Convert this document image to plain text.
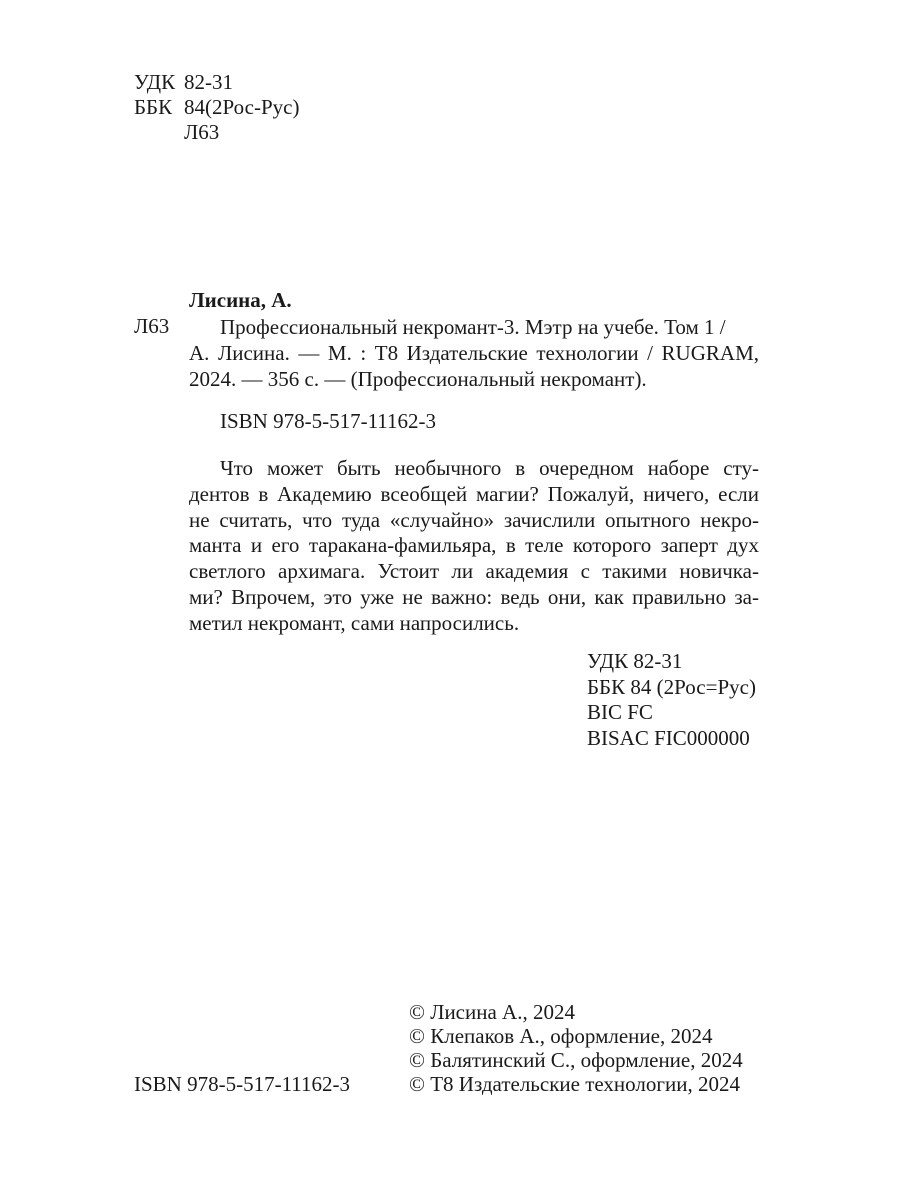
УДК 82-31
ББК 84(2Рос-Рус)
Л63
Лисина, А.
Л63	Профессиональный некромант-3. Мэтр на учебе. Том 1 /
А. Лисина. — М. : Т8 Издательские технологии / RUGRAM,
2024. — 356 с. — (Профессиональный некромант).
ISBN 978-5-517-11162-3
Что может быть необычного в очередном наборе сту-
дентов в Академию всеобщей магии? Пожалуй, ничего, если
не считать, что туда «случайно» зачислили опытного некро-
манта и его таракана-фамильяра, в теле которого заперт дух
светлого архимага. Устоит ли академия с такими новичка-
ми? Впрочем, это уже не важно: ведь они, как правильно за-
метил некромант, сами напросились.
УДК 82-31
ББК 84 (2Рос=Рус)
BIC FC
BISAC FIC000000
ISBN 978-5-517-11162-3
© Лисина А., 2024
© Клепаков А., оформление, 2024
© Балятинский С., оформление, 2024
© Т8 Издательские технологии, 2024
